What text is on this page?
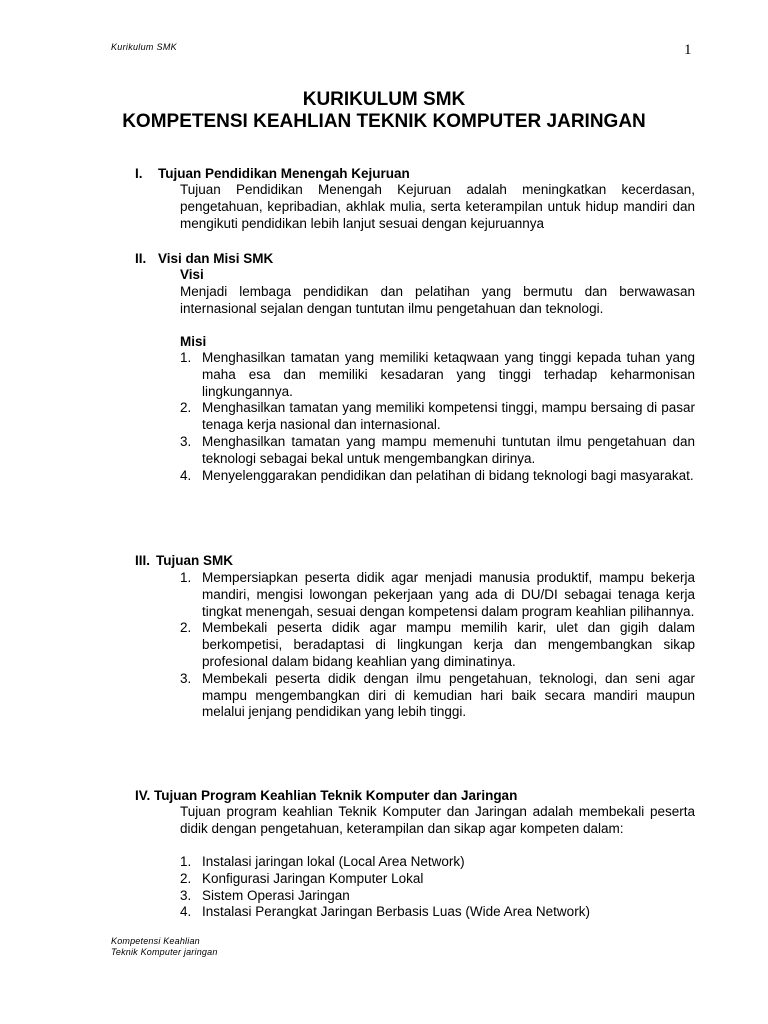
Kurikulum SMK	1
KURIKULUM SMK
KOMPETENSI KEAHLIAN TEKNIK KOMPUTER JARINGAN
I. Tujuan Pendidikan Menengah Kejuruan
Tujuan Pendidikan Menengah Kejuruan adalah meningkatkan kecerdasan, pengetahuan, kepribadian, akhlak mulia, serta keterampilan untuk hidup mandiri dan mengikuti pendidikan lebih lanjut sesuai dengan kejuruannya
II. Visi dan Misi SMK
Visi
Menjadi lembaga pendidikan dan pelatihan yang bermutu dan berwawasan internasional sejalan dengan tuntutan ilmu pengetahuan dan teknologi.
Misi
1. Menghasilkan tamatan yang memiliki ketaqwaan yang tinggi kepada tuhan yang maha esa dan memiliki kesadaran yang tinggi terhadap keharmonisan lingkungannya.
2. Menghasilkan tamatan yang memiliki kompetensi tinggi, mampu bersaing di pasar tenaga kerja nasional dan internasional.
3. Menghasilkan tamatan yang mampu memenuhi tuntutan ilmu pengetahuan dan teknologi sebagai bekal untuk mengembangkan dirinya.
4. Menyelenggarakan pendidikan dan pelatihan di bidang teknologi bagi masyarakat.
III. Tujuan SMK
1. Mempersiapkan peserta didik agar menjadi manusia produktif, mampu bekerja mandiri, mengisi lowongan pekerjaan yang ada di DU/DI sebagai tenaga kerja tingkat menengah, sesuai dengan kompetensi dalam program keahlian pilihannya.
2. Membekali peserta didik agar mampu memilih karir, ulet dan gigih dalam berkompetisi, beradaptasi di lingkungan kerja dan mengembangkan sikap profesional dalam bidang keahlian yang diminatinya.
3. Membekali peserta didik dengan ilmu pengetahuan, teknologi, dan seni agar mampu mengembangkan diri di kemudian hari baik secara mandiri maupun melalui jenjang pendidikan yang lebih tinggi.
IV. Tujuan Program Keahlian Teknik Komputer dan Jaringan
Tujuan program keahlian Teknik Komputer dan Jaringan adalah membekali peserta didik dengan pengetahuan, keterampilan dan sikap agar kompeten dalam:
1. Instalasi jaringan lokal (Local Area Network)
2. Konfigurasi Jaringan Komputer Lokal
3. Sistem Operasi Jaringan
4. Instalasi Perangkat Jaringan Berbasis Luas (Wide Area Network)
Kompetensi Keahlian
Teknik Komputer jaringan
